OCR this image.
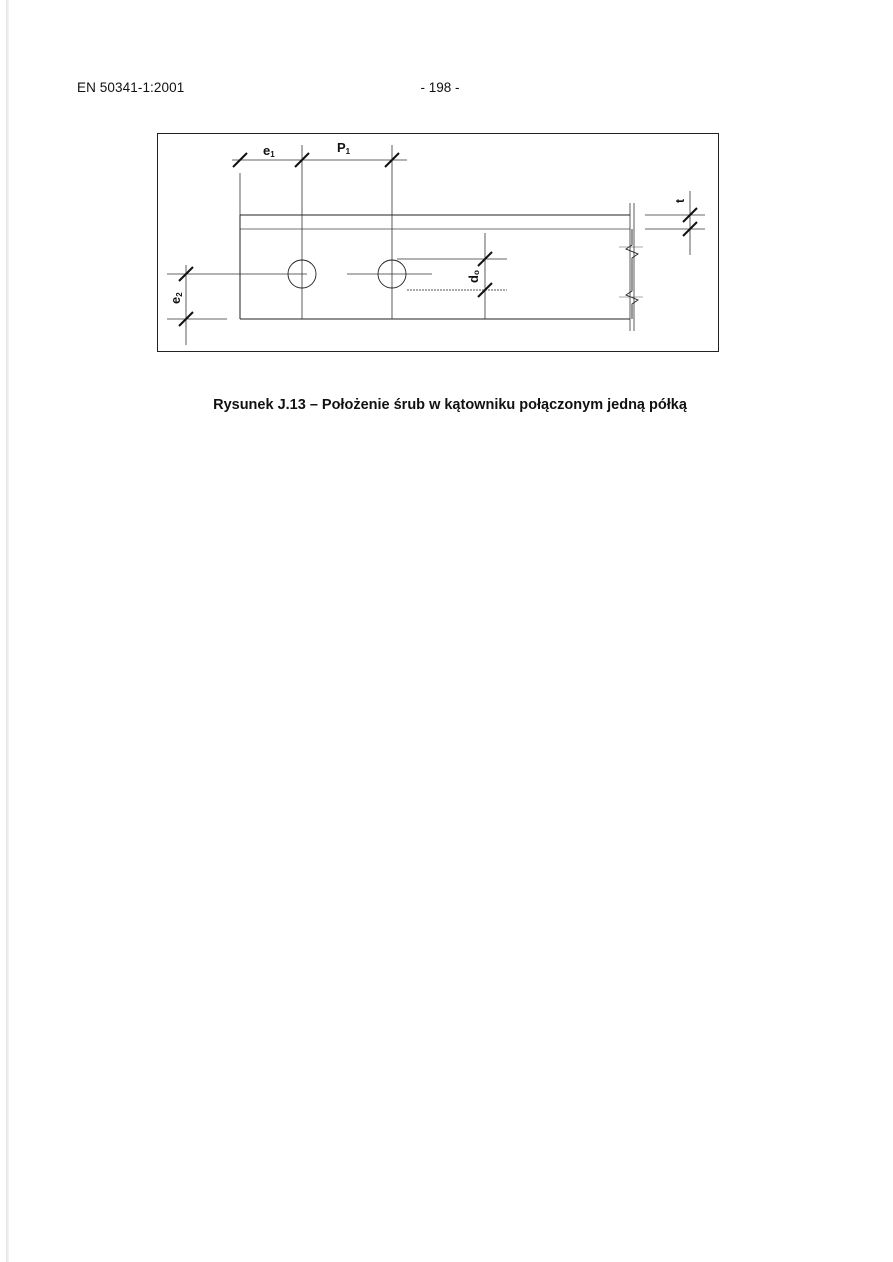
EN 50341-1:2001	- 198 -
e1	P1
e2
do
t
Rysunek J.13 – Położenie śrub w kątowniku połączonym jedną półką
